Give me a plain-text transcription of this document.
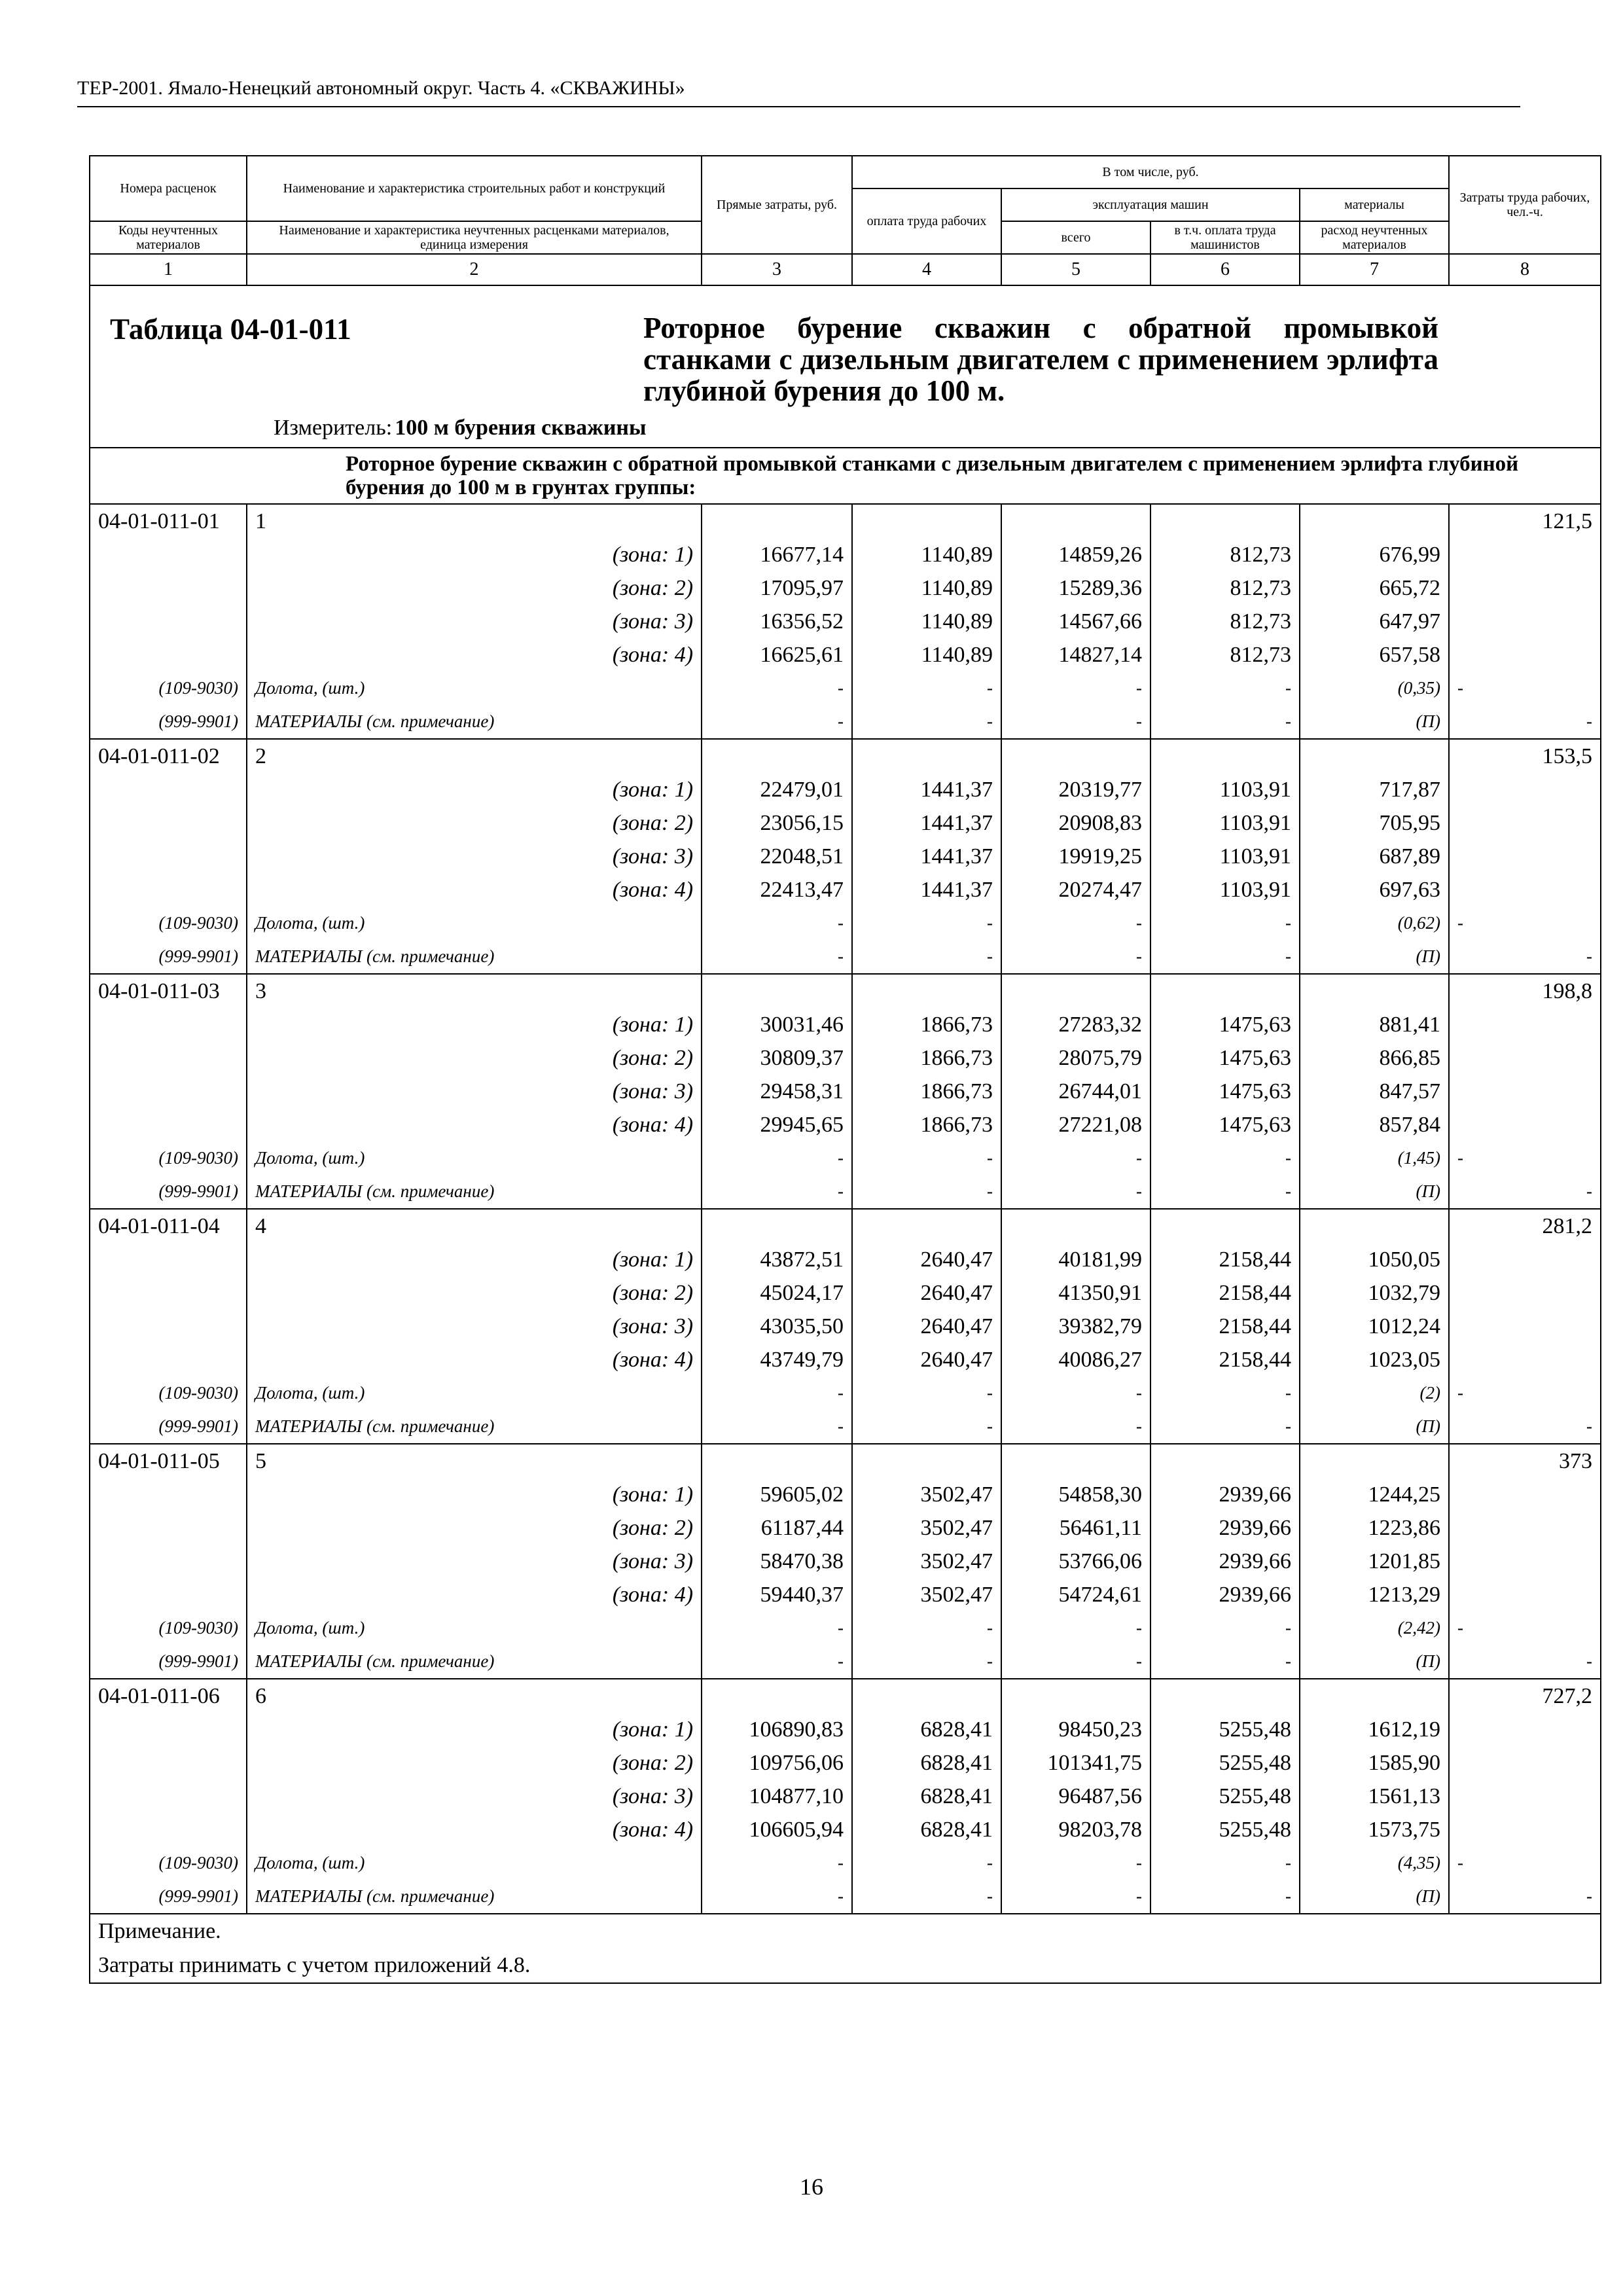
ТЕР-2001. Ямало-Ненецкий автономный округ. Часть 4. «СКВАЖИНЫ»
Номера расценок	Наименование и характеристика строительных работ и конструкций	Прямые затраты, руб.	В том числе, руб.				Затраты труда рабочих, чел.-ч.
			оплата труда рабочих	эксплуатация машин		материалы	
Коды неучтенных материалов	Наименование и характеристика неучтенных расценками материалов, единица измерения			всего	в т.ч. оплата труда машинистов	расход неучтенных материалов	
1	2	3	4	5	6	7	8

Таблица 04-01-011 Роторное бурение скважин с обратной промывкой станками с дизельным двигателем с применением эрлифта глубиной бурения до 100 м.
Измеритель: 100 м бурения скважины							

Роторное бурение скважин с обратной промывкой станками с дизельным двигателем с применением эрлифта глубиной бурения до 100 м в грунтах группы:							

04-01-011-01	1						121,5
	(зона: 1)	16677,14	1140,89	14859,26	812,73	676,99	
	(зона: 2)	17095,97	1140,89	15289,36	812,73	665,72	
	(зона: 3)	16356,52	1140,89	14567,66	812,73	647,97	
	(зона: 4)	16625,61	1140,89	14827,14	812,73	657,58	
(109-9030)	Долота, (шт.)	-	-	-	-	(0,35)	-
(999-9901)	МАТЕРИАЛЫ (см. примечание)	-	-	-	-	(П)	-
04-01-011-02	2						153,5
	(зона: 1)	22479,01	1441,37	20319,77	1103,91	717,87	
	(зона: 2)	23056,15	1441,37	20908,83	1103,91	705,95	
	(зона: 3)	22048,51	1441,37	19919,25	1103,91	687,89	
	(зона: 4)	22413,47	1441,37	20274,47	1103,91	697,63	
(109-9030)	Долота, (шт.)	-	-	-	-	(0,62)	-
(999-9901)	МАТЕРИАЛЫ (см. примечание)	-	-	-	-	(П)	-
04-01-011-03	3						198,8
	(зона: 1)	30031,46	1866,73	27283,32	1475,63	881,41	
	(зона: 2)	30809,37	1866,73	28075,79	1475,63	866,85	
	(зона: 3)	29458,31	1866,73	26744,01	1475,63	847,57	
	(зона: 4)	29945,65	1866,73	27221,08	1475,63	857,84	
(109-9030)	Долота, (шт.)	-	-	-	-	(1,45)	-
(999-9901)	МАТЕРИАЛЫ (см. примечание)	-	-	-	-	(П)	-
04-01-011-04	4						281,2
	(зона: 1)	43872,51	2640,47	40181,99	2158,44	1050,05	
	(зона: 2)	45024,17	2640,47	41350,91	2158,44	1032,79	
	(зона: 3)	43035,50	2640,47	39382,79	2158,44	1012,24	
	(зона: 4)	43749,79	2640,47	40086,27	2158,44	1023,05	
(109-9030)	Долота, (шт.)	-	-	-	-	(2)	-
(999-9901)	МАТЕРИАЛЫ (см. примечание)	-	-	-	-	(П)	-
04-01-011-05	5						373
	(зона: 1)	59605,02	3502,47	54858,30	2939,66	1244,25	
	(зона: 2)	61187,44	3502,47	56461,11	2939,66	1223,86	
	(зона: 3)	58470,38	3502,47	53766,06	2939,66	1201,85	
	(зона: 4)	59440,37	3502,47	54724,61	2939,66	1213,29	
(109-9030)	Долота, (шт.)	-	-	-	-	(2,42)	-
(999-9901)	МАТЕРИАЛЫ (см. примечание)	-	-	-	-	(П)	-
04-01-011-06	6						727,2
	(зона: 1)	106890,83	6828,41	98450,23	5255,48	1612,19	
	(зона: 2)	109756,06	6828,41	101341,75	5255,48	1585,90	
	(зона: 3)	104877,10	6828,41	96487,56	5255,48	1561,13	
	(зона: 4)	106605,94	6828,41	98203,78	5255,48	1573,75	
(109-9030)	Долота, (шт.)	-	-	-	-	(4,35)	-
(999-9901)	МАТЕРИАЛЫ (см. примечание)	-	-	-	-	(П)	-
Примечание.							
Затраты принимать с учетом приложений 4.8.							
16
